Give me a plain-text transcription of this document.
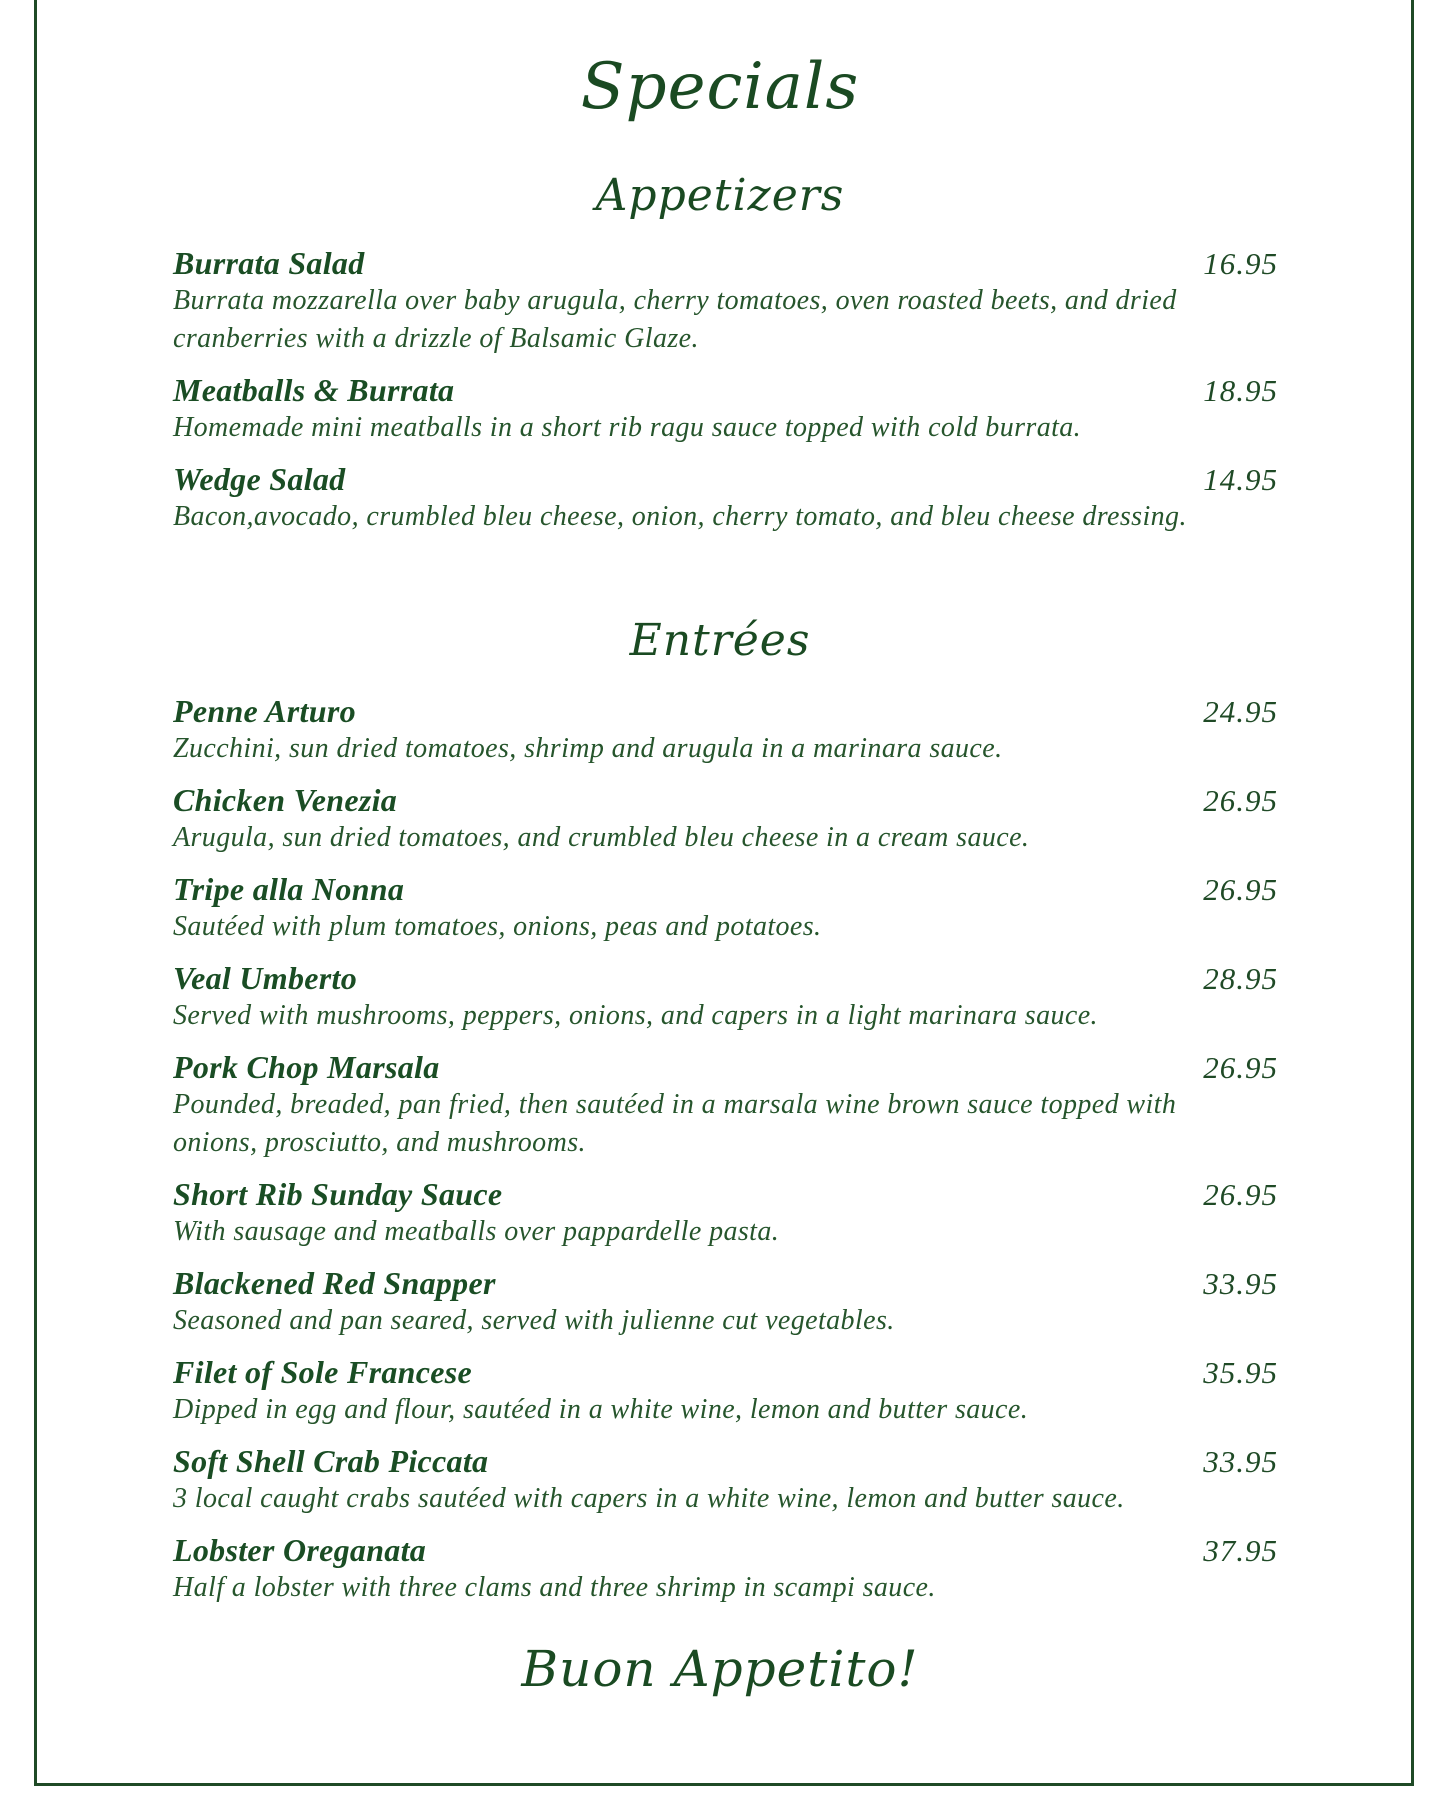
Specials
Appetizers
Burrata Salad	16.95
Burrata mozzarella over baby arugula, cherry tomatoes, oven roasted beets, and dried cranberries with a drizzle of Balsamic Glaze.
Meatballs & Burrata	18.95
Homemade mini meatballs in a short rib ragu sauce topped with cold burrata.
Wedge Salad	14.95
Bacon,avocado, crumbled bleu cheese, onion, cherry tomato, and bleu cheese dressing.
Entrées
Penne Arturo	24.95
Zucchini, sun dried tomatoes, shrimp and arugula in a marinara sauce.
Chicken Venezia	26.95
Arugula, sun dried tomatoes, and crumbled bleu cheese in a cream sauce.
Tripe alla Nonna	26.95
Sautéed with plum tomatoes, onions, peas and potatoes.
Veal Umberto	28.95
Served with mushrooms, peppers, onions, and capers in a light marinara sauce.
Pork Chop Marsala	26.95
Pounded, breaded, pan fried, then sautéed in a marsala wine brown sauce topped with onions, prosciutto, and mushrooms.
Short Rib Sunday Sauce	26.95
With sausage and meatballs over pappardelle pasta.
Blackened Red Snapper	33.95
Seasoned and pan seared, served with julienne cut vegetables.
Filet of Sole Francese	35.95
Dipped in egg and flour, sautéed in a white wine, lemon and butter sauce.
Soft Shell Crab Piccata	33.95
3 local caught crabs sautéed with capers in a white wine, lemon and butter sauce.
Lobster Oreganata	37.95
Half a lobster with three clams and three shrimp in scampi sauce.
Buon Appetito!
